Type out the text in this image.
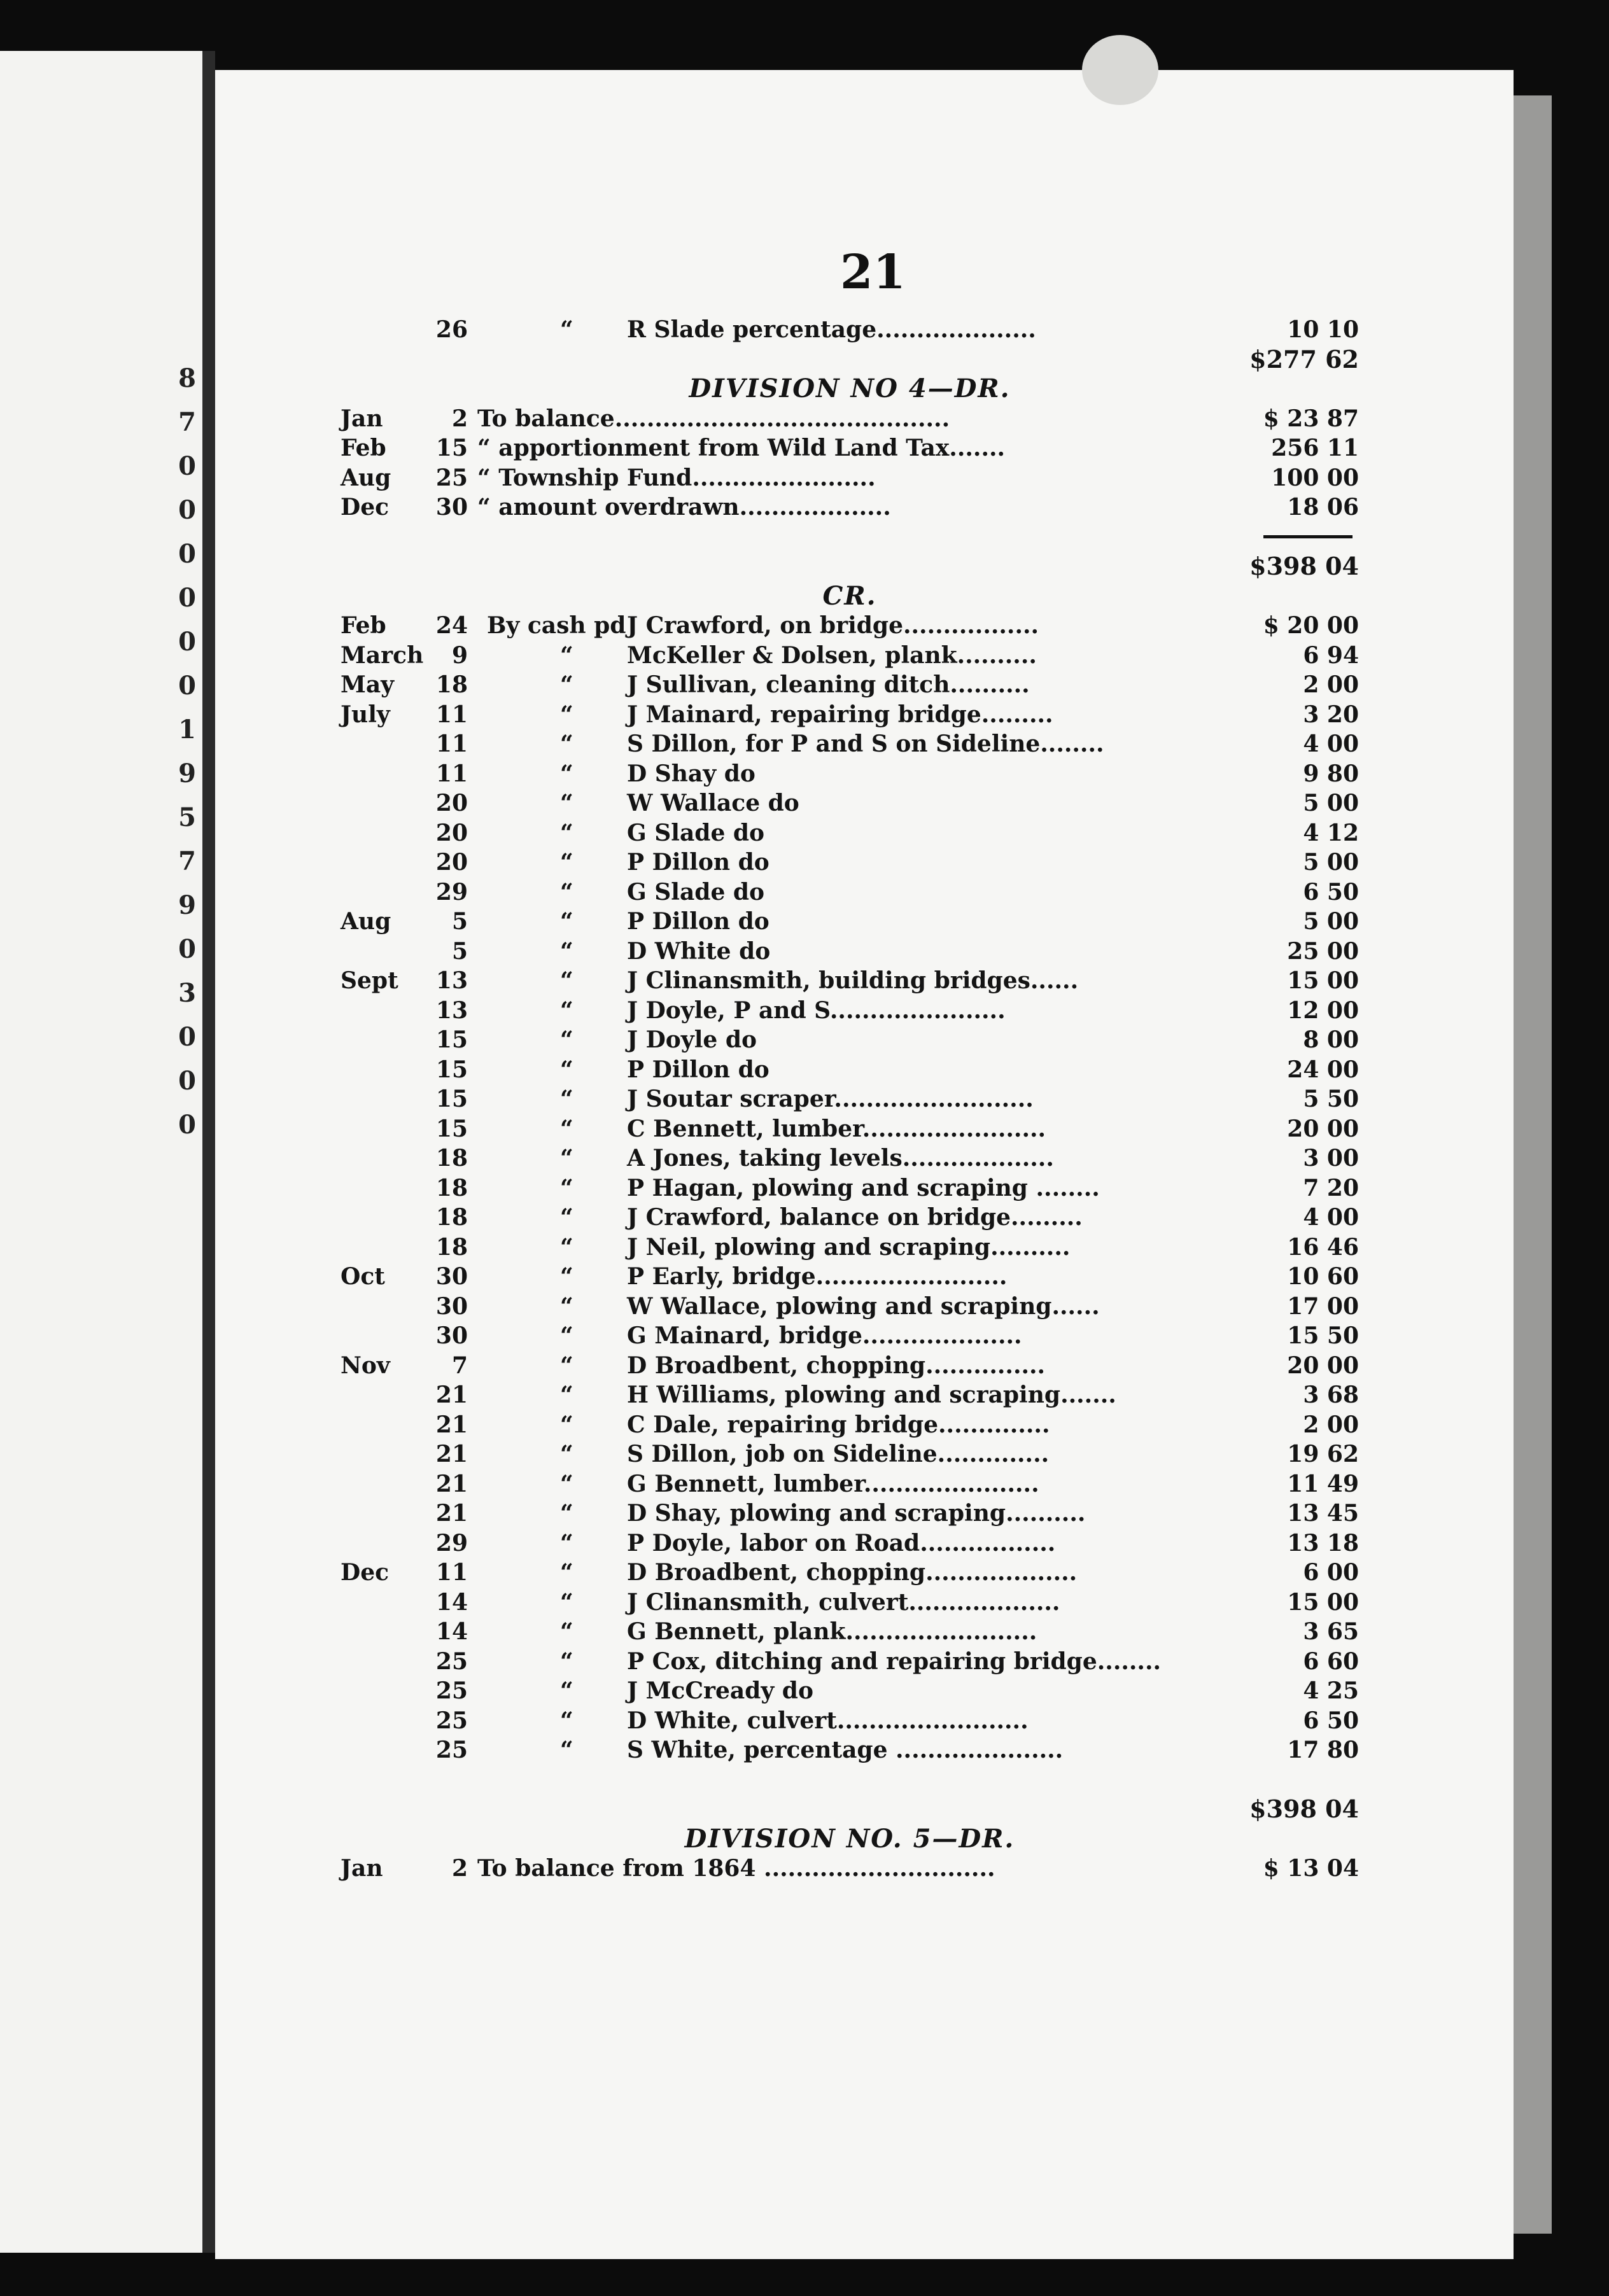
8
7
0
0
0
0
0
0
1
9
5
7
9
0
3
0
0
0
21
26	“ R Slade percentage....................	10 10
$277 62
DIVISION NO 4—DR.
Jan	2 To balance..........................................	$ 23 87
Feb	15 “ apportionment from Wild Land Tax.......	256 11
Aug	25 “ Township Fund.......................	100 00
Dec	30 “ amount overdrawn...................	18 06
$398 04
CR.
Feb	24 By cash pd J Crawford, on bridge.................	$ 20 00
March	9	“ McKeller & Dolsen, plank..........	6 94
May	18	“ J Sullivan, cleaning ditch..........	2 00
July	11	“ J Mainard, repairing bridge.........	3 20
11	“ S Dillon, for P and S on Sideline........	4 00
11	“ D Shay do	9 80
20	“ W Wallace do	5 00
20	“ G Slade do	4 12
20	“ P Dillon do	5 00
29	“ G Slade do	6 50
Aug	5	“ P Dillon do	5 00
5	“ D White do	25 00
Sept	13	“ J Clinansmith, building bridges......	15 00
13	“ J Doyle, P and S......................	12 00
15	“ J Doyle do	8 00
15	“ P Dillon do	24 00
15	“ J Soutar scraper.........................	5 50
15	“ C Bennett, lumber.......................	20 00
18	“ A Jones, taking levels...................	3 00
18	“ P Hagan, plowing and scraping ........	7 20
18	“ J Crawford, balance on bridge.........	4 00
18	“ J Neil, plowing and scraping..........	16 46
Oct	30	“ P Early, bridge........................	10 60
30	“ W Wallace, plowing and scraping......	17 00
30	“ G Mainard, bridge....................	15 50
Nov	7	“ D Broadbent, chopping...............	20 00
21	“ H Williams, plowing and scraping.......	3 68
21	“ C Dale, repairing bridge..............	2 00
21	“ S Dillon, job on Sideline..............	19 62
21	“ G Bennett, lumber......................	11 49
21	“ D Shay, plowing and scraping..........	13 45
29	“ P Doyle, labor on Road.................	13 18
Dec	11	“ D Broadbent, chopping...................	6 00
14	“ J Clinansmith, culvert...................	15 00
14	“ G Bennett, plank........................	3 65
25	“ P Cox, ditching and repairing bridge........	6 60
25	“ J McCready do	4 25
25	“ D White, culvert........................	6 50
25	“ S White, percentage .....................	17 80
$398 04
DIVISION NO. 5—DR.
Jan	2 To balance from 1864 .............................	$ 13 04
